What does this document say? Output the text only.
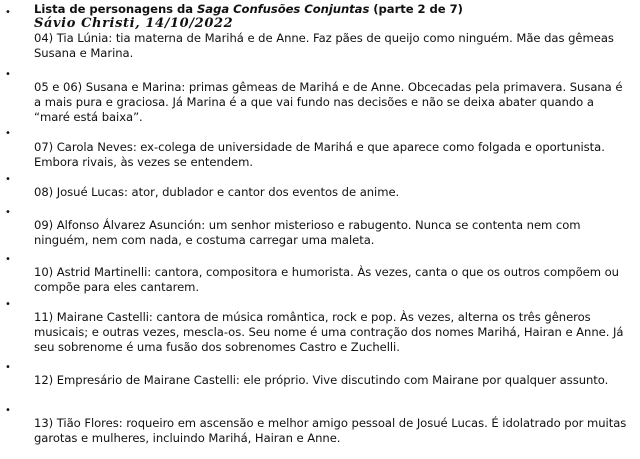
• Lista de personagens da Saga Confusões Conjuntas (parte 2 de 7)
Sávio Christi, 14/10/2022
04) Tia Lúnia: tia materna de Marihá e de Anne. Faz pães de queijo como ninguém. Mãe das gêmeas Susana e Marina.
•
05 e 06) Susana e Marina: primas gêmeas de Marihá e de Anne. Obcecadas pela primavera. Susana é a mais pura e graciosa. Já Marina é a que vai fundo nas decisões e não se deixa abater quando a “maré está baixa”.
•
07) Carola Neves: ex-colega de universidade de Marihá e que aparece como folgada e oportunista. Embora rivais, às vezes se entendem.
•
08) Josué Lucas: ator, dublador e cantor dos eventos de anime.
•
09) Alfonso Álvarez Asunción: um senhor misterioso e rabugento. Nunca se contenta nem com ninguém, nem com nada, e costuma carregar uma maleta.
•
10) Astrid Martinelli: cantora, compositora e humorista. Às vezes, canta o que os outros compõem ou compõe para eles cantarem.
•
11) Mairane Castelli: cantora de música romântica, rock e pop. Às vezes, alterna os três gêneros musicais; e outras vezes, mescla-os. Seu nome é uma contração dos nomes Marihá, Hairan e Anne. Já seu sobrenome é uma fusão dos sobrenomes Castro e Zuchelli.
•
12) Empresário de Mairane Castelli: ele próprio. Vive discutindo com Mairane por qualquer assunto.
•
13) Tião Flores: roqueiro em ascensão e melhor amigo pessoal de Josué Lucas. É idolatrado por muitas garotas e mulheres, incluindo Marihá, Hairan e Anne.
